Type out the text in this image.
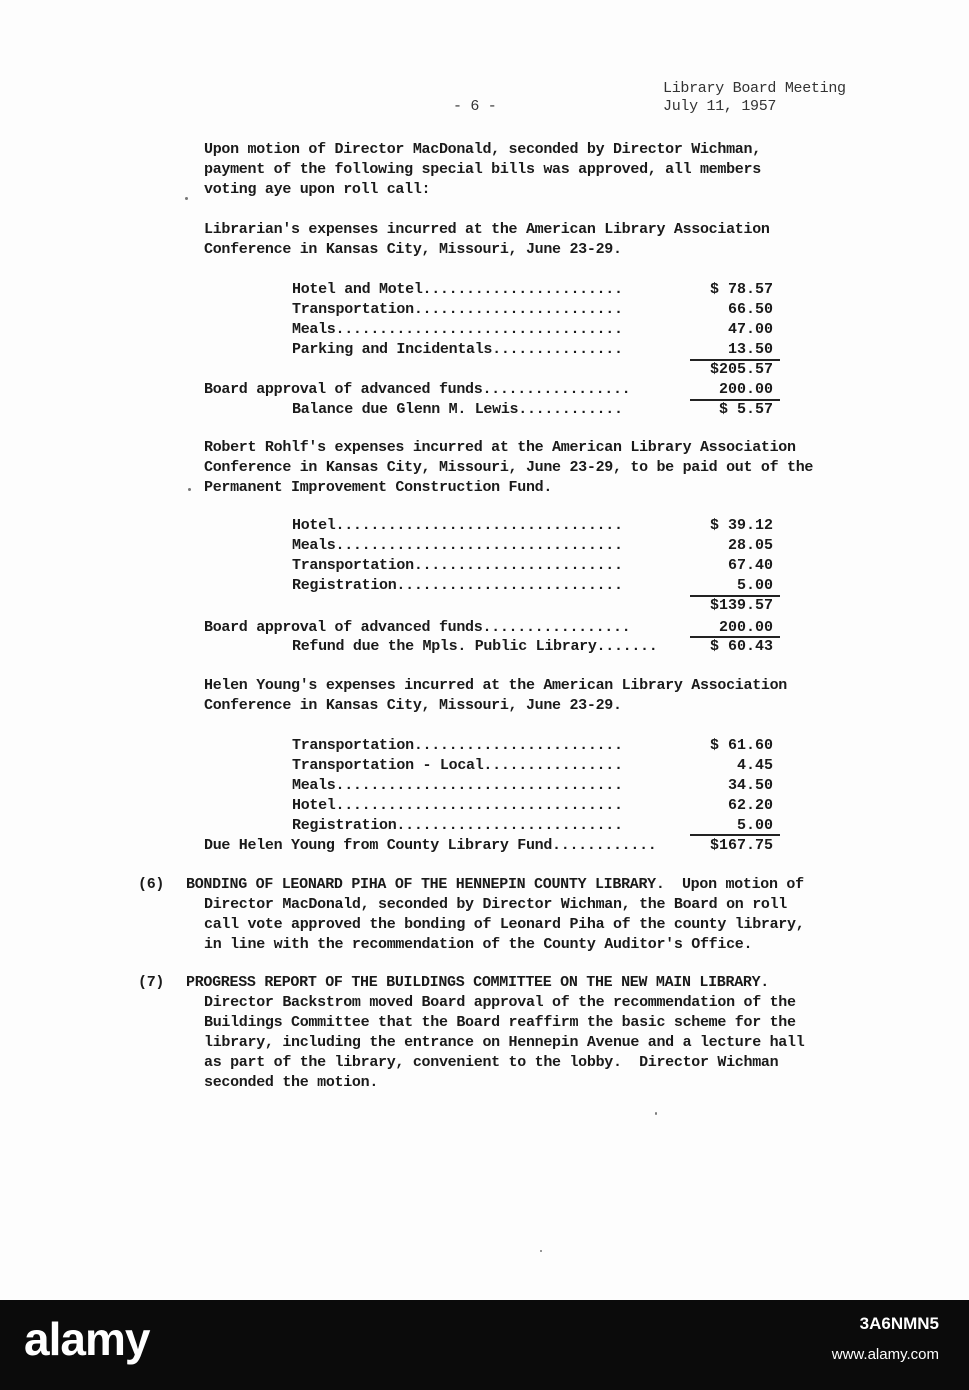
Library Board Meeting
- 6 -	July 11, 1957
Upon motion of Director MacDonald, seconded by Director Wichman,
payment of the following special bills was approved, all members
voting aye upon roll call:
Librarian's expenses incurred at the American Library Association
Conference in Kansas City, Missouri, June 23-29.
Hotel and Motel.......................	$ 78.57
Transportation........................	66.50
Meals.................................	47.00
Parking and Incidentals...............	13.50
$205.57
Board approval of advanced funds.................	200.00
Balance due Glenn M. Lewis............	$ 5.57
Robert Rohlf's expenses incurred at the American Library Association
Conference in Kansas City, Missouri, June 23-29, to be paid out of the
Permanent Improvement Construction Fund.
Hotel.................................	$ 39.12
Meals.................................	28.05
Transportation........................	67.40
Registration..........................	5.00
$139.57
Board approval of advanced funds.................	200.00
Refund due the Mpls. Public Library.......	$ 60.43
Helen Young's expenses incurred at the American Library Association
Conference in Kansas City, Missouri, June 23-29.
Transportation........................	$ 61.60
Transportation - Local................	4.45
Meals.................................	34.50
Hotel.................................	62.20
Registration..........................	5.00
Due Helen Young from County Library Fund............	$167.75
(6) BONDING OF LEONARD PIHA OF THE HENNEPIN COUNTY LIBRARY.  Upon motion of
Director MacDonald, seconded by Director Wichman, the Board on roll
call vote approved the bonding of Leonard Piha of the county library,
in line with the recommendation of the County Auditor's Office.
(7) PROGRESS REPORT OF THE BUILDINGS COMMITTEE ON THE NEW MAIN LIBRARY.
Director Backstrom moved Board approval of the recommendation of the
Buildings Committee that the Board reaffirm the basic scheme for the
library, including the entrance on Hennepin Avenue and a lecture hall
as part of the library, convenient to the lobby.  Director Wichman
seconded the motion.
alamy	3A6NMN5
www.alamy.com
